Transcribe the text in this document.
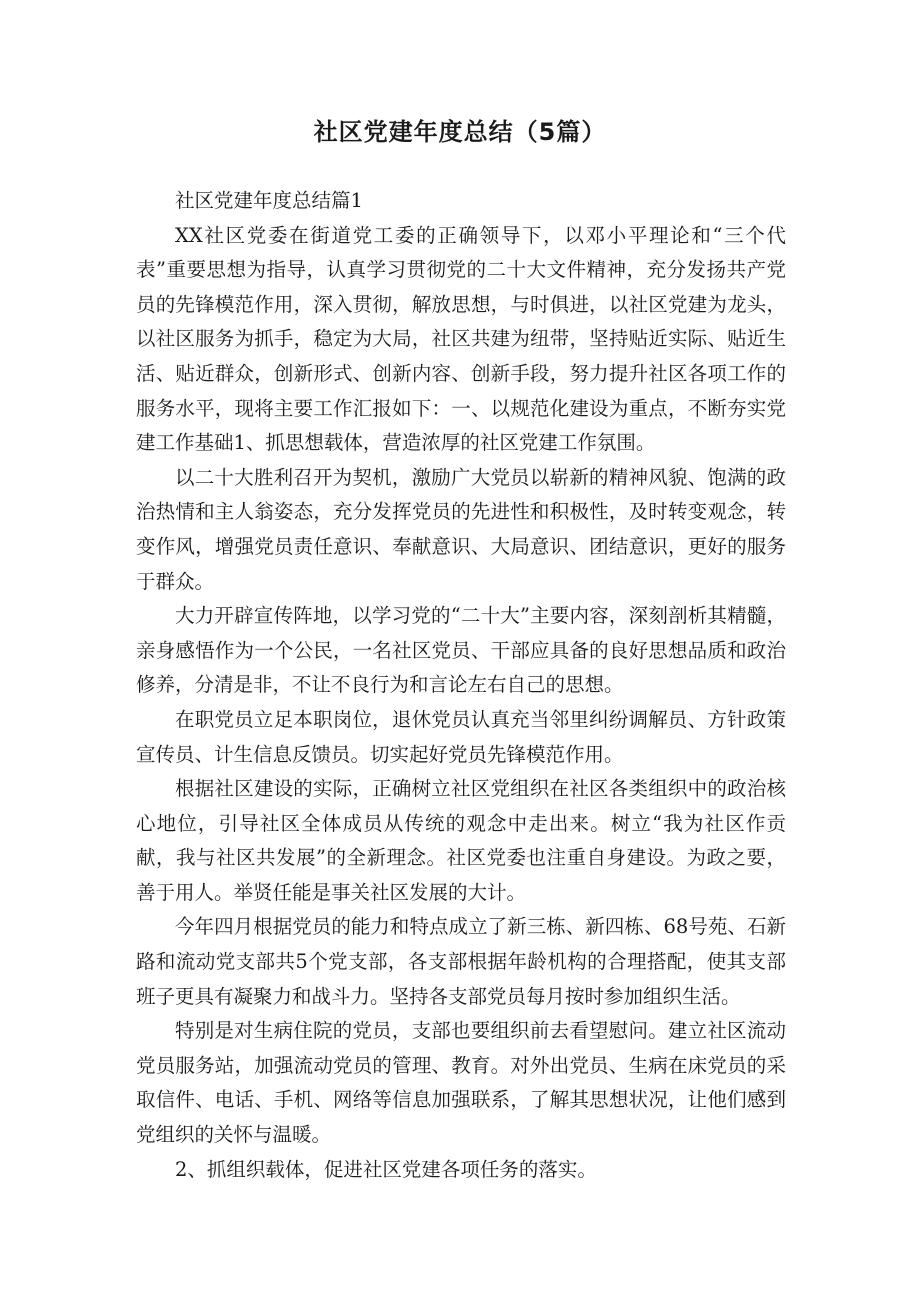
社区党建年度总结（5篇）

社区党建年度总结篇1

XX社区党委在街道党工委的正确领导下，以邓小平理论和“三个代表”重要思想为指导，认真学习贯彻党的二十大文件精神，充分发扬共产党员的先锋模范作用，深入贯彻，解放思想，与时俱进，以社区党建为龙头，以社区服务为抓手，稳定为大局，社区共建为纽带，坚持贴近实际、贴近生活、贴近群众，创新形式、创新内容、创新手段，努力提升社区各项工作的服务水平，现将主要工作汇报如下：一、以规范化建设为重点，不断夯实党建工作基础1、抓思想载体，营造浓厚的社区党建工作氛围。

以二十大胜利召开为契机，激励广大党员以崭新的精神风貌、饱满的政治热情和主人翁姿态，充分发挥党员的先进性和积极性，及时转变观念，转变作风，增强党员责任意识、奉献意识、大局意识、团结意识，更好的服务于群众。

大力开辟宣传阵地，以学习党的“二十大”主要内容，深刻剖析其精髓，亲身感悟作为一个公民，一名社区党员、干部应具备的良好思想品质和政治修养，分清是非，不让不良行为和言论左右自己的思想。

在职党员立足本职岗位，退休党员认真充当邻里纠纷调解员、方针政策宣传员、计生信息反馈员。切实起好党员先锋模范作用。

根据社区建设的实际，正确树立社区党组织在社区各类组织中的政治核心地位，引导社区全体成员从传统的观念中走出来。树立“我为社区作贡献，我与社区共发展”的全新理念。社区党委也注重自身建设。为政之要，善于用人。举贤任能是事关社区发展的大计。

今年四月根据党员的能力和特点成立了新三栋、新四栋、68号苑、石新路和流动党支部共5个党支部，各支部根据年龄机构的合理搭配，使其支部班子更具有凝聚力和战斗力。坚持各支部党员每月按时参加组织生活。

特别是对生病住院的党员，支部也要组织前去看望慰问。建立社区流动党员服务站，加强流动党员的管理、教育。对外出党员、生病在床党员的采取信件、电话、手机、网络等信息加强联系，了解其思想状况，让他们感到党组织的关怀与温暖。

2、抓组织载体，促进社区党建各项任务的落实。
